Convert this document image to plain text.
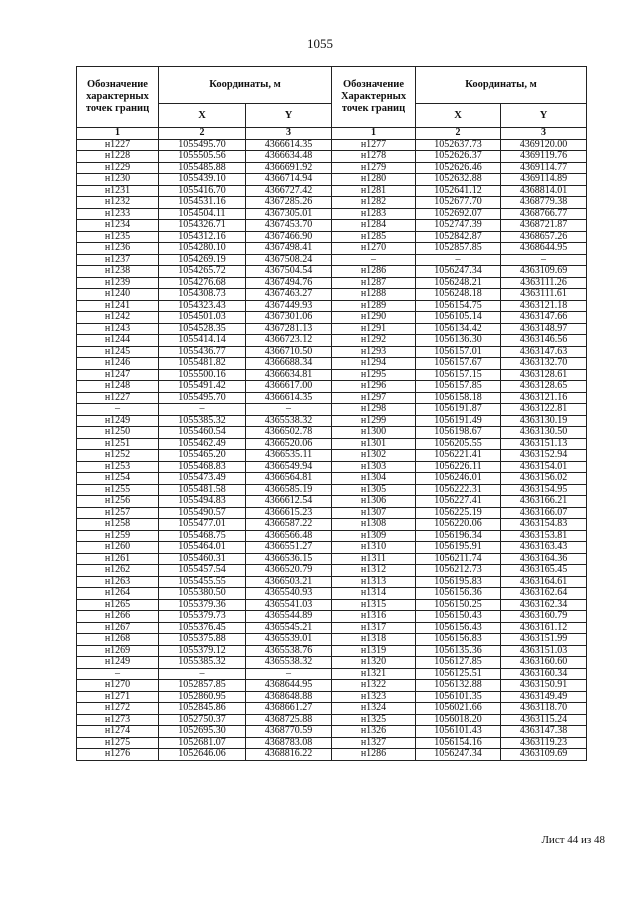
1055
Обозначение характерных точек границ	Координаты, м		Обозначение Характерных точек границ	Координаты, м	
	X	Y		X	Y
1	2	3	1	2	3
н1227	1055495.70	4366614.35	н1277	1052637.73	4369120.00
н1228	1055505.56	4366634.48	н1278	1052626.37	4369119.76
н1229	1055485.88	4366691.92	н1279	1052626.46	4369114.77
н1230	1055439.10	4366714.94	н1280	1052632.88	4369114.89
н1231	1055416.70	4366727.42	н1281	1052641.12	4368814.01
н1232	1054531.16	4367285.26	н1282	1052677.70	4368779.38
н1233	1054504.11	4367305.01	н1283	1052692.07	4368766.77
н1234	1054326.71	4367453.70	н1284	1052747.39	4368721.87
н1235	1054312.16	4367466.90	н1285	1052842.87	4368657.26
н1236	1054280.10	4367498.41	н1270	1052857.85	4368644.95
н1237	1054269.19	4367508.24	–	–	–
н1238	1054265.72	4367504.54	н1286	1056247.34	4363109.69
н1239	1054276.68	4367494.76	н1287	1056248.21	4363111.26
н1240	1054308.73	4367463.27	н1288	1056248.18	4363111.61
н1241	1054323.43	4367449.93	н1289	1056154.75	4363121.18
н1242	1054501.03	4367301.06	н1290	1056105.14	4363147.66
н1243	1054528.35	4367281.13	н1291	1056134.42	4363148.97
н1244	1055414.14	4366723.12	н1292	1056136.30	4363146.56
н1245	1055436.77	4366710.50	н1293	1056157.01	4363147.63
н1246	1055481.82	4366688.34	н1294	1056157.67	4363132.70
н1247	1055500.16	4366634.81	н1295	1056157.15	4363128.61
н1248	1055491.42	4366617.00	н1296	1056157.85	4363128.65
н1227	1055495.70	4366614.35	н1297	1056158.18	4363121.16
–	–	–	н1298	1056191.87	4363122.81
н1249	1055385.32	4365538.32	н1299	1056191.49	4363130.19
н1250	1055460.54	4366502.78	н1300	1056198.67	4363130.50
н1251	1055462.49	4366520.06	н1301	1056205.55	4363151.13
н1252	1055465.20	4366535.11	н1302	1056221.41	4363152.94
н1253	1055468.83	4366549.94	н1303	1056226.11	4363154.01
н1254	1055473.49	4366564.81	н1304	1056246.01	4363156.02
н1255	1055481.58	4366585.19	н1305	1056222.31	4363154.95
н1256	1055494.83	4366612.54	н1306	1056227.41	4363166.21
н1257	1055490.57	4366615.23	н1307	1056225.19	4363166.07
н1258	1055477.01	4366587.22	н1308	1056220.06	4363154.83
н1259	1055468.75	4366566.48	н1309	1056196.34	4363153.81
н1260	1055464.01	4366551.27	н1310	1056195.91	4363163.43
н1261	1055460.31	4366536.15	н1311	1056211.74	4363164.36
н1262	1055457.54	4366520.79	н1312	1056212.73	4363165.45
н1263	1055455.55	4366503.21	н1313	1056195.83	4363164.61
н1264	1055380.50	4365540.93	н1314	1056156.36	4363162.64
н1265	1055379.36	4365541.03	н1315	1056150.25	4363162.34
н1266	1055379.73	4365544.89	н1316	1056150.43	4363160.79
н1267	1055376.45	4365545.21	н1317	1056156.43	4363161.12
н1268	1055375.88	4365539.01	н1318	1056156.83	4363151.99
н1269	1055379.12	4365538.76	н1319	1056135.36	4363151.03
н1249	1055385.32	4365538.32	н1320	1056127.85	4363160.60
–	–	–	н1321	1056125.51	4363160.34
н1270	1052857.85	4368644.95	н1322	1056132.88	4363150.91
н1271	1052860.95	4368648.88	н1323	1056101.35	4363149.49
н1272	1052845.86	4368661.27	н1324	1056021.66	4363118.70
н1273	1052750.37	4368725.88	н1325	1056018.20	4363115.24
н1274	1052695.30	4368770.59	н1326	1056101.43	4363147.38
н1275	1052681.07	4368783.08	н1327	1056154.16	4363119.23
н1276	1052646.06	4368816.22	н1286	1056247.34	4363109.69
Лист 44 из 48
